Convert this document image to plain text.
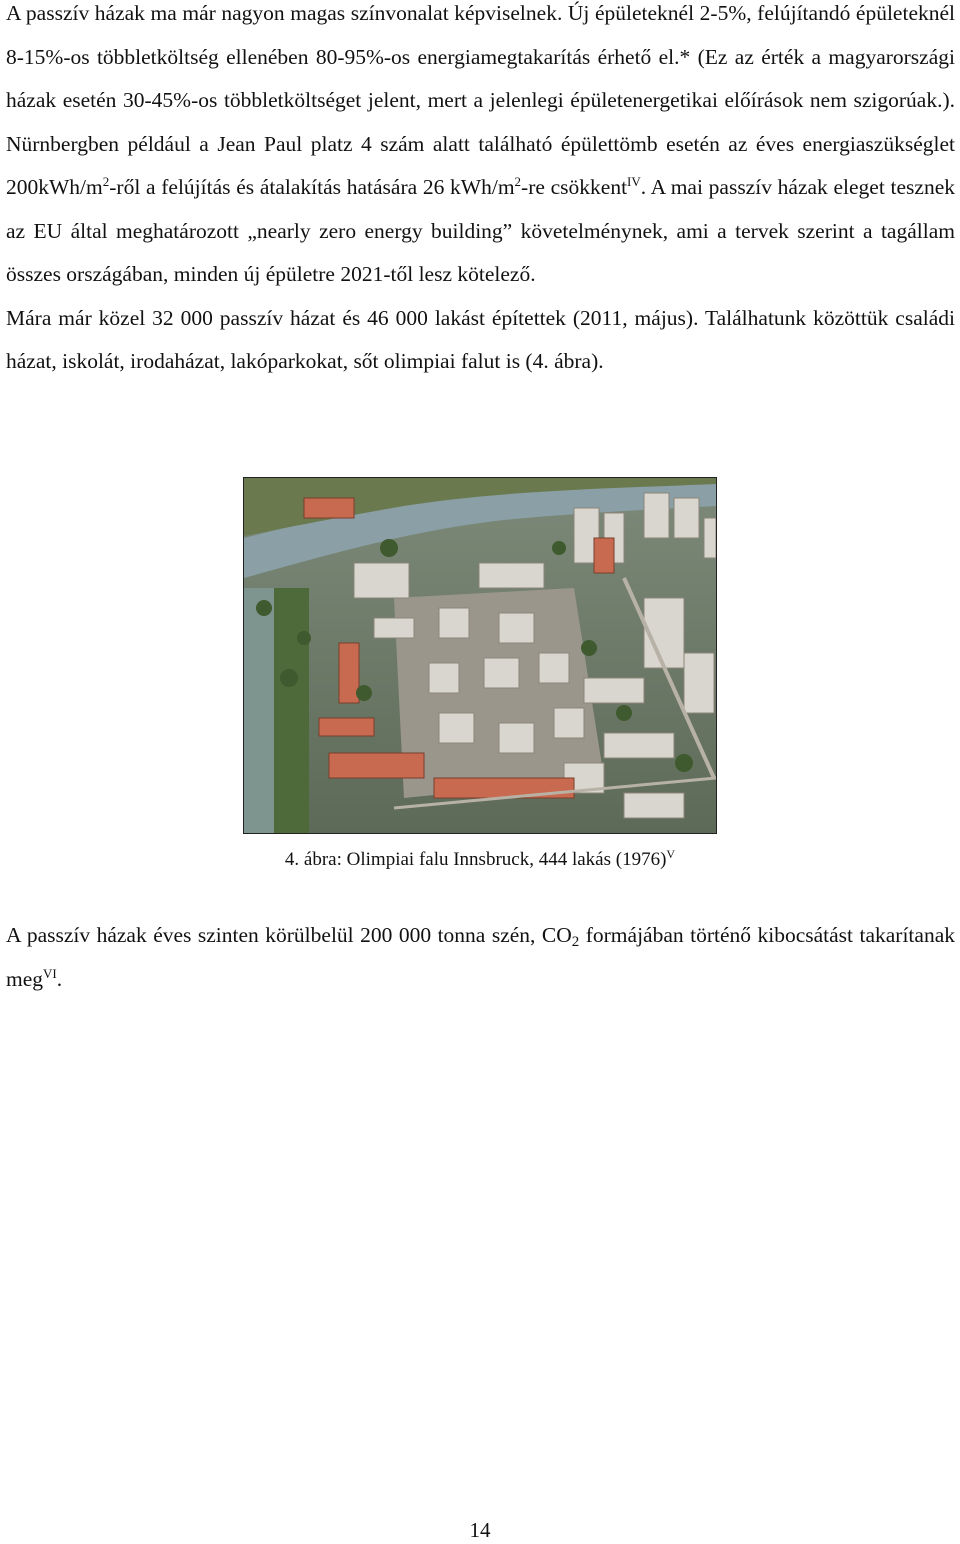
A passzív házak ma már nagyon magas színvonalat képviselnek. Új épületeknél 2-5%, felújítandó épületeknél 8-15%-os többletköltség ellenében 80-95%-os energiamegtakarítás érhető el.* (Ez az érték a magyarországi házak esetén 30-45%-os többletköltséget jelent, mert a jelenlegi épületenergetikai előírások nem szigorúak.). Nürnbergben például a Jean Paul platz 4 szám alatt található épülettömb esetén az éves energiaszükséglet $200kWh/m^2$-ről a felújítás és átalakítás hatására 26 kWh/$m^2-re$ csökkent$^{IV}$. A mai passzív házak eleget tesznek az EU által meghatározott „nearly zero energy building” követelménynek, ami a tervek szerint a tagállam összes országában, minden új épületre 2021-től lesz kötelező.

Mára már közel 32 000 passzív házat és 46 000 lakást építettek (2011, május). Találhatunk közöttük családi házat, iskolát, irodaházat, lakóparkokat, sőt olimpiai falut is (4. ábra).

4. ábra: Olimpiai falu Innsbruck, 444 lakás $(1976)^V$

A passzív házak éves szinten körülbelül 200 000 tonna szén, $CO_2$ formájában történő kibocsátást takarítanak meg$^{VI}$.

14
